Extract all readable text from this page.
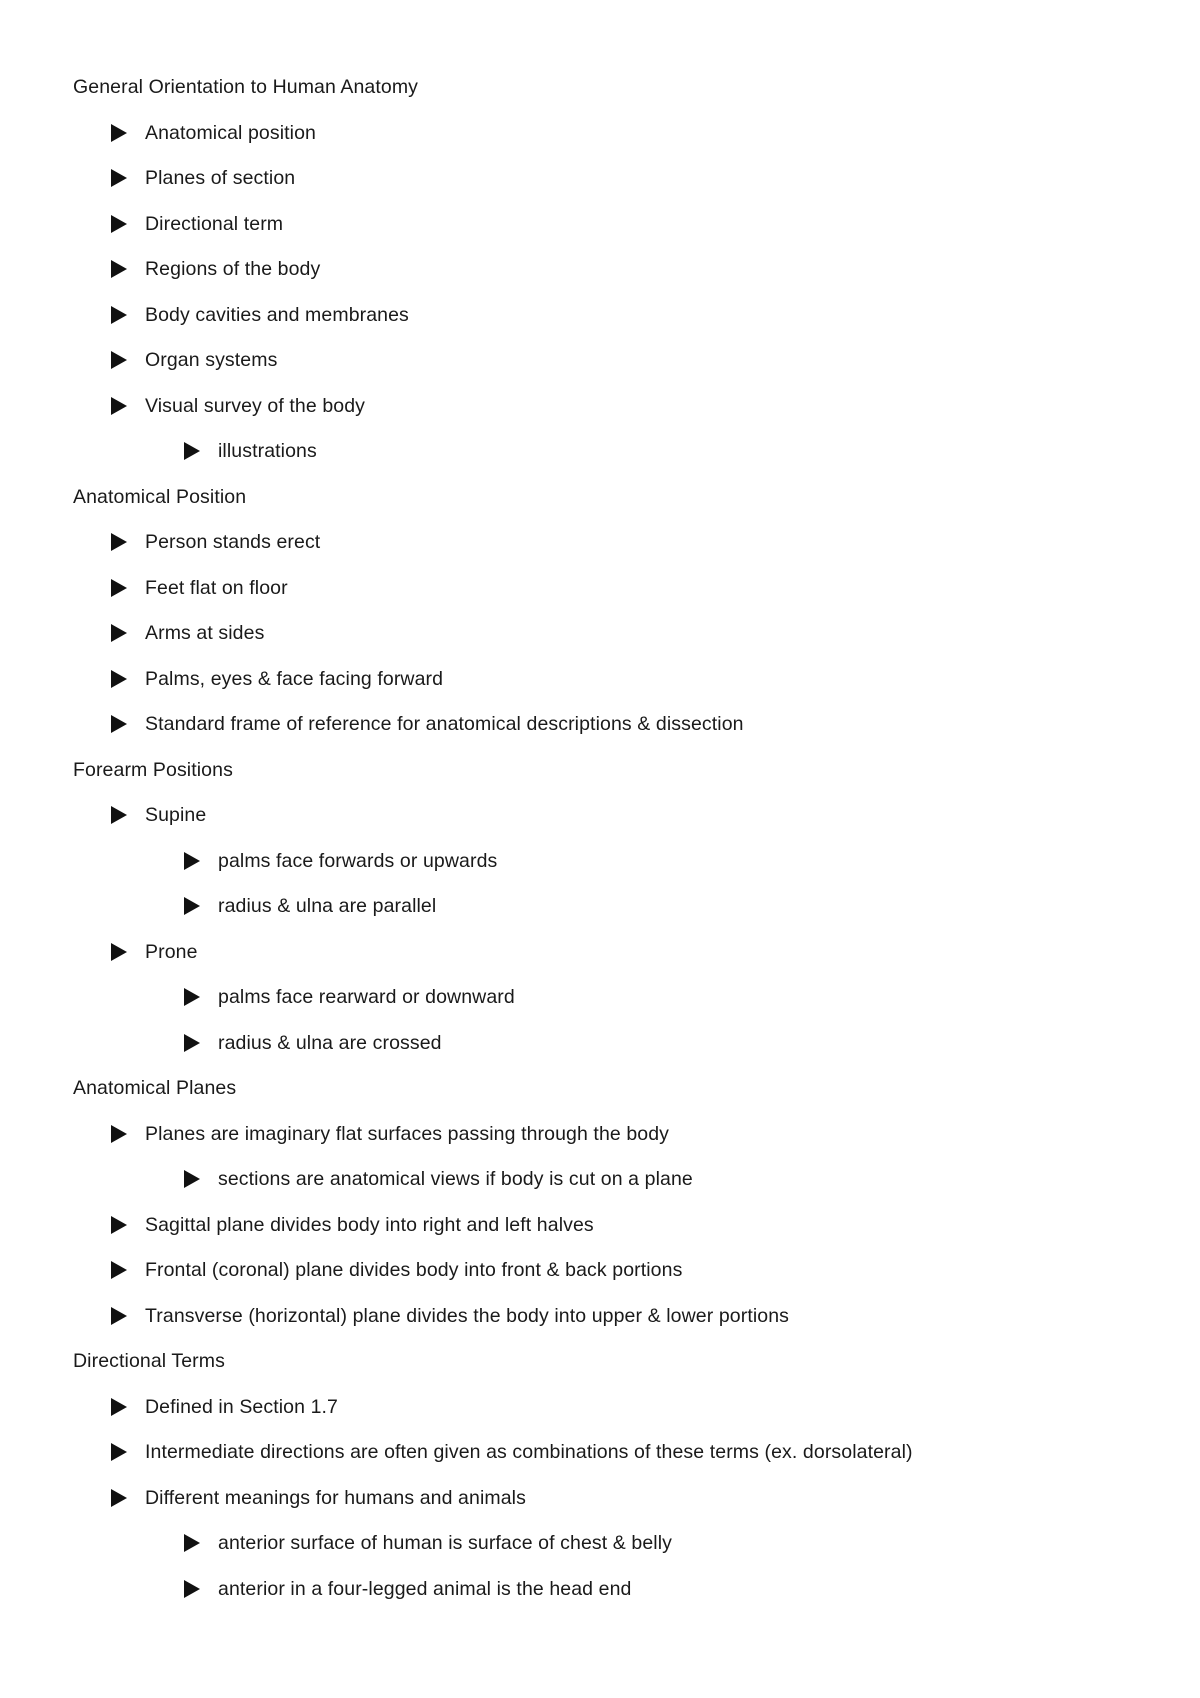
General Orientation to Human Anatomy
Anatomical position
Planes of section
Directional term
Regions of the body
Body cavities and membranes
Organ systems
Visual survey of the body
illustrations
Anatomical Position
Person stands erect
Feet flat on floor
Arms at sides
Palms, eyes & face facing forward
Standard frame of reference for anatomical descriptions & dissection
Forearm Positions
Supine
palms face forwards or upwards
radius & ulna are parallel
Prone
palms face rearward or downward
radius & ulna are crossed
Anatomical Planes
Planes are imaginary flat surfaces passing through the body
sections are anatomical views if body is cut on a plane
Sagittal plane divides body into right and left halves
Frontal (coronal) plane divides body into front & back portions
Transverse (horizontal) plane divides the body into upper & lower portions
Directional Terms
Defined in Section 1.7
Intermediate directions are often given as combinations of these terms (ex. dorsolateral)
Different meanings for humans and animals
anterior surface of human is surface of chest & belly
anterior in a four-legged animal is the head end
